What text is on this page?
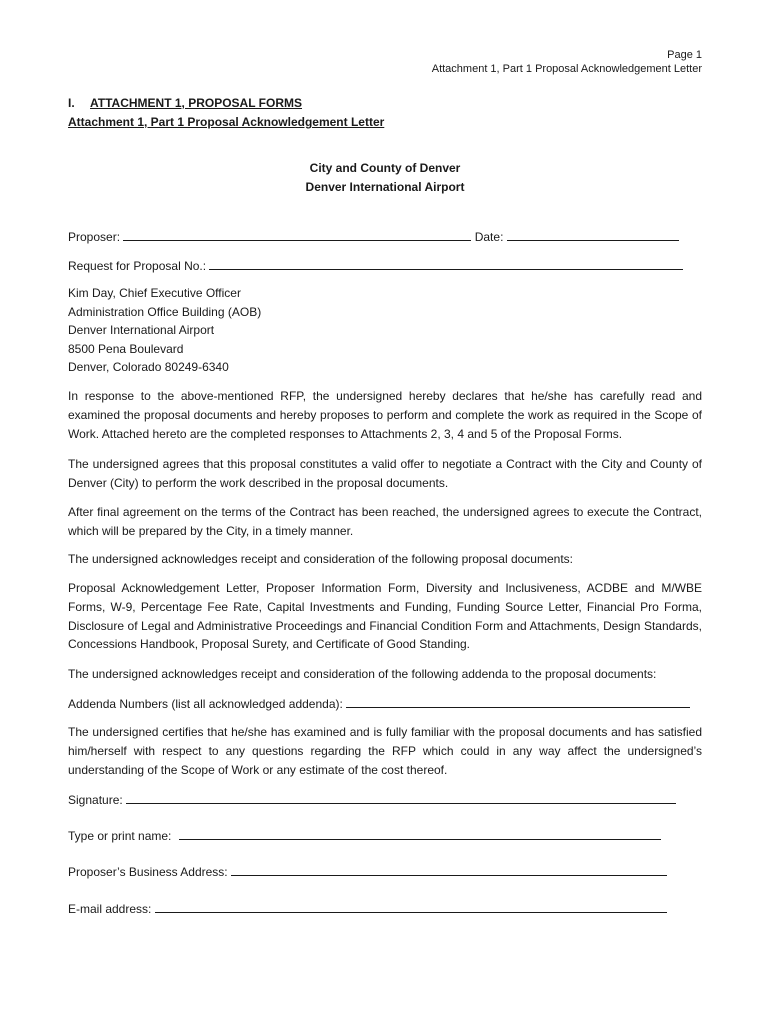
Page 1
Attachment 1, Part 1 Proposal Acknowledgement Letter
I. ATTACHMENT 1, PROPOSAL FORMS
Attachment 1, Part 1 Proposal Acknowledgement Letter
City and County of Denver
Denver International Airport
Proposer:	Date:
Request for Proposal No.:
Kim Day, Chief Executive Officer
Administration Office Building (AOB)
Denver International Airport
8500 Pena Boulevard
Denver, Colorado 80249-6340
In response to the above-mentioned RFP, the undersigned hereby declares that he/she has carefully read and examined the proposal documents and hereby proposes to perform and complete the work as required in the Scope of Work. Attached hereto are the completed responses to Attachments 2, 3, 4 and 5 of the Proposal Forms.
The undersigned agrees that this proposal constitutes a valid offer to negotiate a Contract with the City and County of Denver (City) to perform the work described in the proposal documents.
After final agreement on the terms of the Contract has been reached, the undersigned agrees to execute the Contract, which will be prepared by the City, in a timely manner.
The undersigned acknowledges receipt and consideration of the following proposal documents:
Proposal Acknowledgement Letter, Proposer Information Form, Diversity and Inclusiveness, ACDBE and M/WBE Forms, W-9, Percentage Fee Rate, Capital Investments and Funding, Funding Source Letter, Financial Pro Forma, Disclosure of Legal and Administrative Proceedings and Financial Condition Form and Attachments, Design Standards, Concessions Handbook, Proposal Surety, and Certificate of Good Standing.
The undersigned acknowledges receipt and consideration of the following addenda to the proposal documents:
Addenda Numbers (list all acknowledged addenda):
The undersigned certifies that he/she has examined and is fully familiar with the proposal documents and has satisfied him/herself with respect to any questions regarding the RFP which could in any way affect the undersigned’s understanding of the Scope of Work or any estimate of the cost thereof.
Signature:
Type or print name:
Proposer’s Business Address:
E-mail address:
